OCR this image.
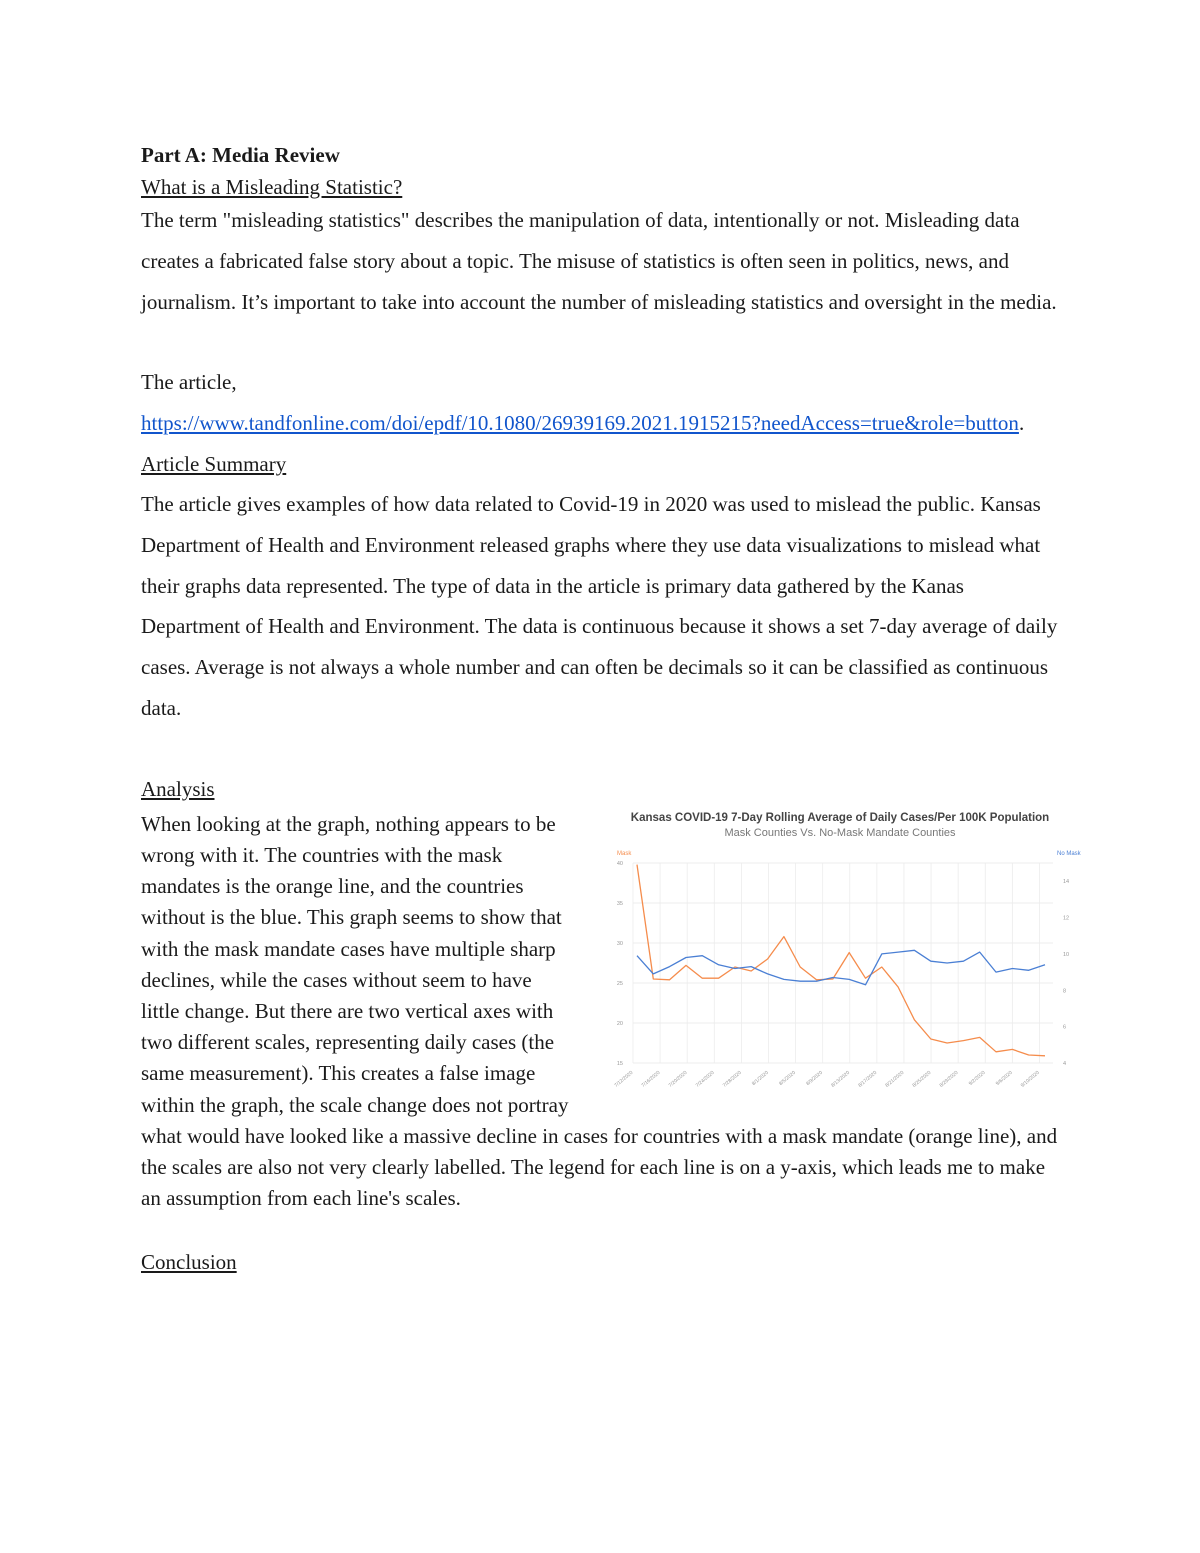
Part A: Media Review

What is a Misleading Statistic?

The term "misleading statistics" describes the manipulation of data, intentionally or not. Misleading data creates a fabricated false story about a topic. The misuse of statistics is often seen in politics, news, and journalism. It’s important to take into account the number of misleading statistics and oversight in the media.

The article,

https://www.tandfonline.com/doi/epdf/10.1080/26939169.2021.1915215?needAccess=true&role=button.

Article Summary

The article gives examples of how data related to Covid-19 in 2020 was used to mislead the public. Kansas Department of Health and Environment released graphs where they use data visualizations to mislead what their graphs data represented. The type of data in the article is primary data gathered by the Kanas Department of Health and Environment. The data is continuous because it shows a set 7-day average of daily cases. Average is not always a whole number and can often be decimals so it can be classified as continuous data.

Analysis

Kansas COVID-19 7-Day Rolling Average of Daily Cases/Per 100K Population
Mask Counties Vs. No-Mask Mandate Counties
Mask	No Mask
15
20
25
30
35
40
4
6
8
10
12
14
7/12/2020 7/16/2020 7/20/2020 7/24/2020 7/28/2020 8/1/2020 8/5/2020 8/9/2020 8/13/2020 8/17/2020 8/21/2020 8/25/2020 8/29/2020 9/2/2020 9/6/2020 9/10/2020

When looking at the graph, nothing appears to be wrong with it. The countries with the mask mandates is the orange line, and the countries without is the blue. This graph seems to show that with the mask mandate cases have multiple sharp declines, while the cases without seem to have little change. But there are two vertical axes with two different scales, representing daily cases (the same measurement). This creates a false image within the graph, the scale change does not portray what would have looked like a massive decline in cases for countries with a mask mandate (orange line), and the scales are also not very clearly labelled. The legend for each line is on a y-axis, which leads me to make an assumption from each line's scales.

Conclusion
